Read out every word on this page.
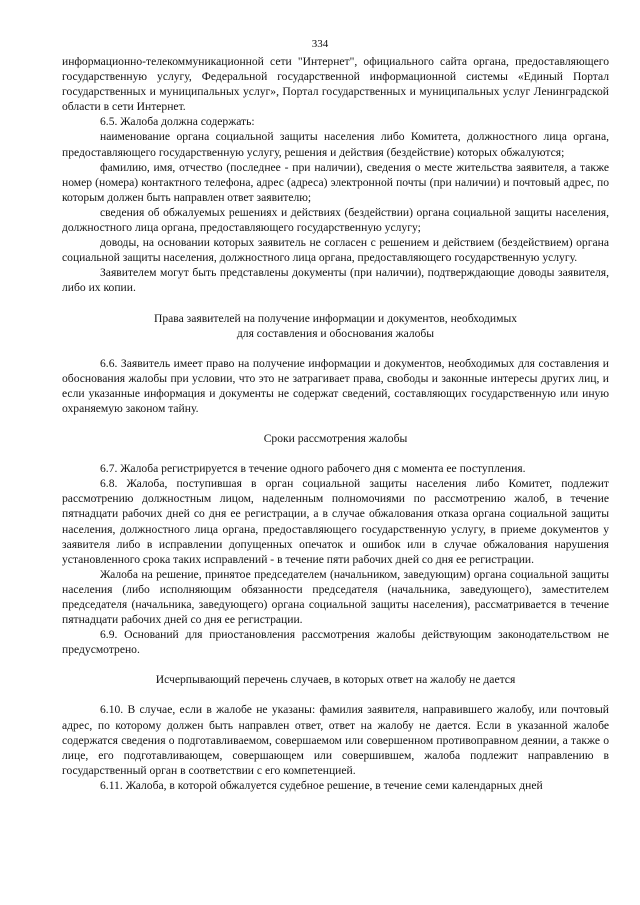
334

информационно-телекоммуникационной сети "Интернет", официального сайта органа, предоставляющего государственную услугу, Федеральной государственной информационной системы «Единый Портал государственных и муниципальных услуг», Портал государственных и муниципальных услуг Ленинградской области в сети Интернет.

6.5. Жалоба должна содержать:

наименование органа социальной защиты населения либо Комитета, должностного лица органа, предоставляющего государственную услугу, решения и действия (бездействие) которых обжалуются;

фамилию, имя, отчество (последнее - при наличии), сведения о месте жительства заявителя, а также номер (номера) контактного телефона, адрес (адреса) электронной почты (при наличии) и почтовый адрес, по которым должен быть направлен ответ заявителю;

сведения об обжалуемых решениях и действиях (бездействии) органа социальной защиты населения, должностного лица органа, предоставляющего государственную услугу;

доводы, на основании которых заявитель не согласен с решением и действием (бездействием) органа социальной защиты населения, должностного лица органа, предоставляющего государственную услугу.

Заявителем могут быть представлены документы (при наличии), подтверждающие доводы заявителя, либо их копии.

Права заявителей на получение информации и документов, необходимых
для составления и обоснования жалобы

6.6. Заявитель имеет право на получение информации и документов, необходимых для составления и обоснования жалобы при условии, что это не затрагивает права, свободы и законные интересы других лиц, и если указанные информация и документы не содержат сведений, составляющих государственную или иную охраняемую законом тайну.

Сроки рассмотрения жалобы

6.7. Жалоба регистрируется в течение одного рабочего дня с момента ее поступления.

6.8. Жалоба, поступившая в орган социальной защиты населения либо Комитет, подлежит рассмотрению должностным лицом, наделенным полномочиями по рассмотрению жалоб, в течение пятнадцати рабочих дней со дня ее регистрации, а в случае обжалования отказа органа социальной защиты населения, должностного лица органа, предоставляющего государственную услугу, в приеме документов у заявителя либо в исправлении допущенных опечаток и ошибок или в случае обжалования нарушения установленного срока таких исправлений - в течение пяти рабочих дней со дня ее регистрации.

Жалоба на решение, принятое председателем (начальником, заведующим) органа социальной защиты населения (либо исполняющим обязанности председателя (начальника, заведующего), заместителем председателя (начальника, заведующего) органа социальной защиты населения), рассматривается в течение пятнадцати рабочих дней со дня ее регистрации.

6.9. Оснований для приостановления рассмотрения жалобы действующим законодательством не предусмотрено.

Исчерпывающий перечень случаев, в которых ответ на жалобу не дается

6.10. В случае, если в жалобе не указаны: фамилия заявителя, направившего жалобу, или почтовый адрес, по которому должен быть направлен ответ, ответ на жалобу не дается. Если в указанной жалобе содержатся сведения о подготавливаемом, совершаемом или совершенном противоправном деянии, а также о лице, его подготавливающем, совершающем или совершившем, жалоба подлежит направлению в государственный орган в соответствии с его компетенцией.

6.11. Жалоба, в которой обжалуется судебное решение, в течение семи календарных дней
